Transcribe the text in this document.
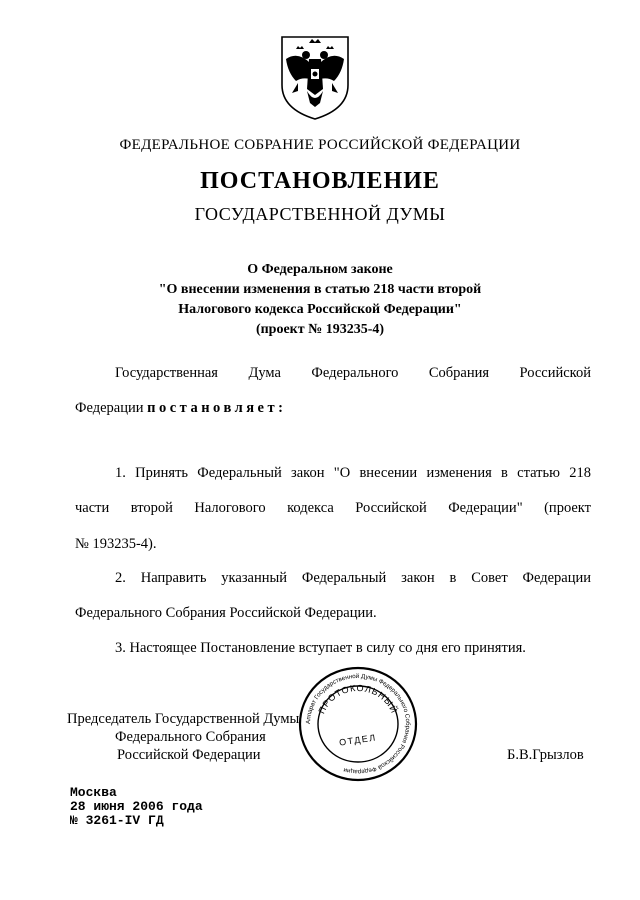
ФЕДЕРАЛЬНОЕ СОБРАНИЕ РОССИЙСКОЙ ФЕДЕРАЦИИ
ПОСТАНОВЛЕНИЕ
ГОСУДАРСТВЕННОЙ ДУМЫ
О Федеральном законе
"О внесении изменения в статью 218 части второй
Налогового кодекса Российской Федерации"
(проект № 193235-4)
Государственная Дума Федерального Собрания Российской
Федерации постановляет:
1. Принять Федеральный закон "О внесении изменения в статью 218
части второй Налогового кодекса Российской Федерации" (проект
№ 193235-4).
2. Направить указанный Федеральный закон в Совет Федерации
Федерального Собрания Российской Федерации.
3. Настоящее Постановление вступает в силу со дня его принятия.
Председатель Государственной Думы
Федерального Собрания
Российской Федерации	Б.В.Грызлов
Аппарат Государственной Думы Федерального Собрания Российской Федерации
ПРОТОКОЛЬНЫЙ
ОТДЕЛ
Москва
28 июня 2006 года
№ 3261-IV ГД
